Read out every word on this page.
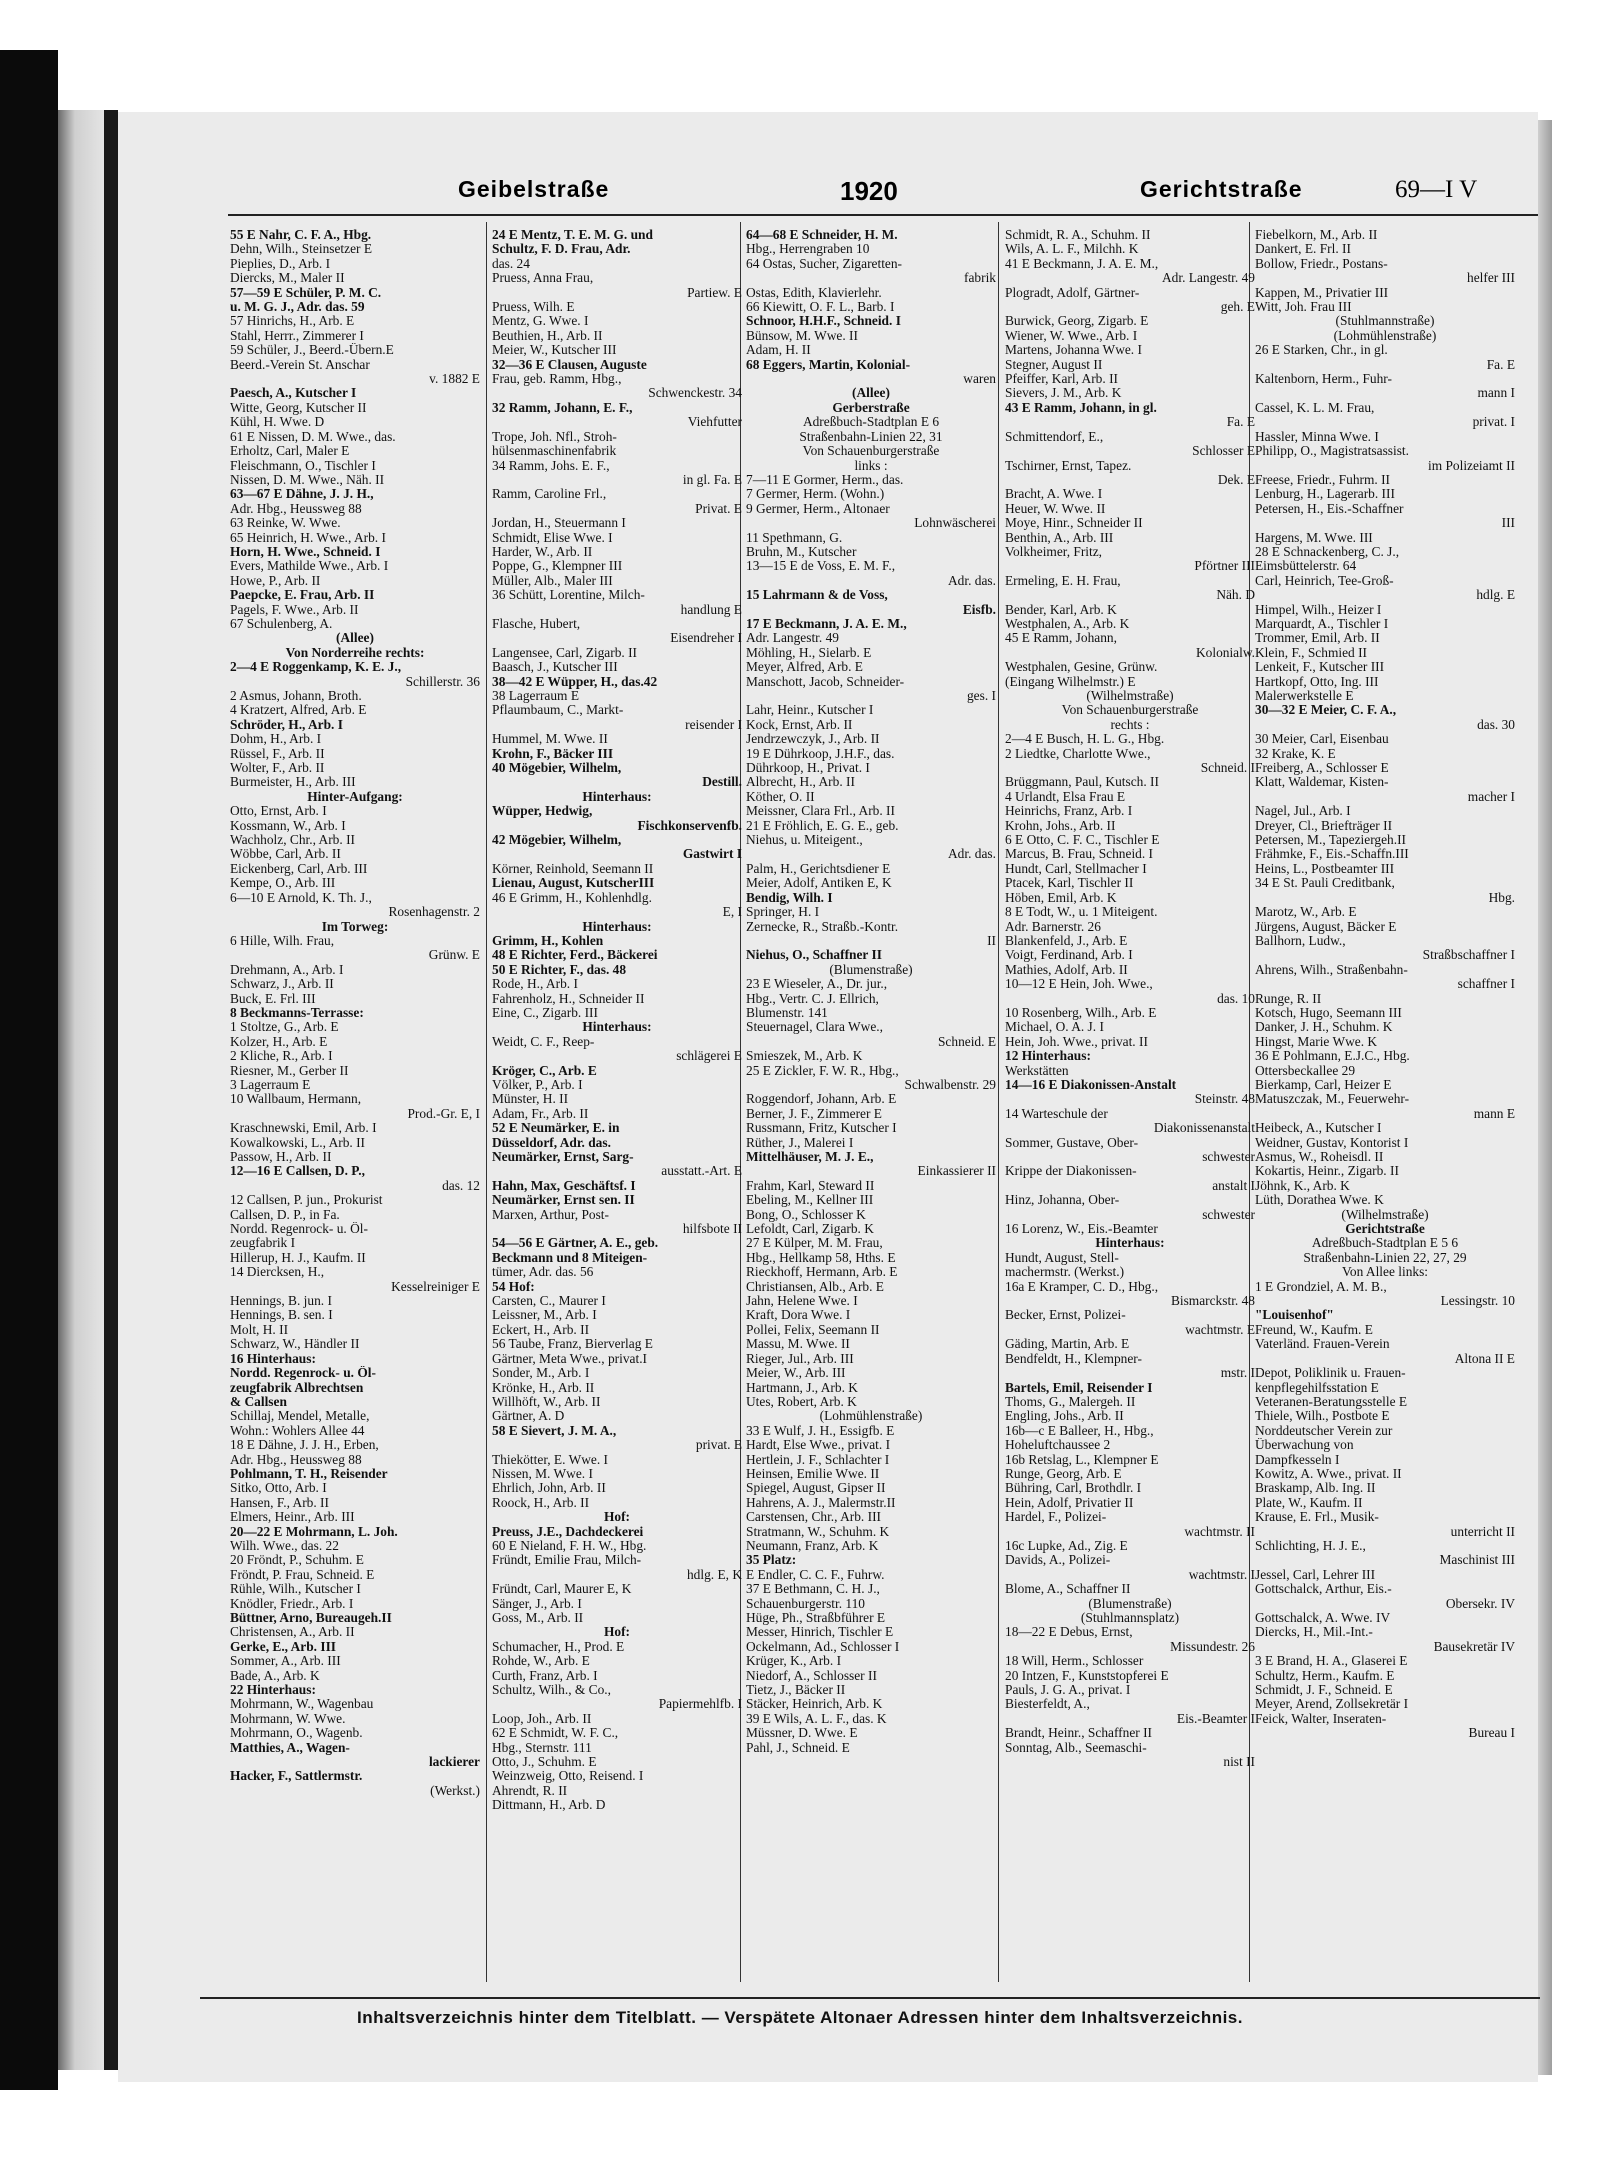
Geibelstraße	1920	Gerichtstraße	69—I V
55 E Nahr, C. F. A., Hbg.
Dehn, Wilh., Steinsetzer E
Pieplies, D., Arb. I
Diercks, M., Maler II
57—59 E Schüler, P. M. C.
u. M. G. J., Adr. das. 59
57 Hinrichs, H., Arb. E
Stahl, Herrr., Zimmerer I
59 Schüler, J., Beerd.-Übern.E
Beerd.-Verein St. Anschar
v. 1882 E
Paesch, A., Kutscher I
Witte, Georg, Kutscher II
Kühl, H. Wwe. D
61 E Nissen, D. M. Wwe., das.
Erholtz, Carl, Maler E
Fleischmann, O., Tischler I
Nissen, D. M. Wwe., Näh. II
63—67 E Dähne, J. J. H.,
Adr. Hbg., Heussweg 88
63 Reinke, W. Wwe.
65 Heinrich, H. Wwe., Arb. I
Horn, H. Wwe., Schneid. I
Evers, Mathilde Wwe., Arb. I
Howe, P., Arb. II
Paepcke, E. Frau, Arb. II
Pagels, F. Wwe., Arb. II
67 Schulenberg, A.
(Allee)
Von Norderreihe rechts:
2—4 E Roggenkamp, K. E. J.,
Schillerstr. 36
2 Asmus, Johann, Broth.
4 Kratzert, Alfred, Arb. E
Schröder, H., Arb. I
Dohm, H., Arb. I
Rüssel, F., Arb. II
Wolter, F., Arb. II
Burmeister, H., Arb. III
Hinter-Aufgang:
Otto, Ernst, Arb. I
Kossmann, W., Arb. I
Wachholz, Chr., Arb. II
Wöbbe, Carl, Arb. II
Eickenberg, Carl, Arb. III
Kempe, O., Arb. III
6—10 E Arnold, K. Th. J.,
Rosenhagenstr. 2
Im Torweg:
6 Hille, Wilh. Frau,
Grünw. E
Drehmann, A., Arb. I
Schwarz, J., Arb. II
Buck, E. Frl. III
8 Beckmanns-Terrasse:
1 Stoltze, G., Arb. E
Kolzer, H., Arb. E
2 Kliche, R., Arb. I
Riesner, M., Gerber II
3 Lagerraum E
10 Wallbaum, Hermann,
Prod.-Gr. E, I
Kraschnewski, Emil, Arb. I
Kowalkowski, L., Arb. II
Passow, H., Arb. II
12—16 E Callsen, D. P.,
das. 12
12 Callsen, P. jun., Prokurist
Callsen, D. P., in Fa.
Nordd. Regenrock- u. Öl-
zeugfabrik I
Hillerup, H. J., Kaufm. II
14 Diercksen, H.,
Kesselreiniger E
Hennings, B. jun. I
Hennings, B. sen. I
Molt, H. II
Schwarz, W., Händler II
16 Hinterhaus:
Nordd. Regenrock- u. Öl-
zeugfabrik Albrechtsen
& Callsen
Schillaj, Mendel, Metalle,
Wohn.: Wohlers Allee 44
18 E Dähne, J. J. H., Erben,
Adr. Hbg., Heussweg 88
Pohlmann, T. H., Reisender
Sitko, Otto, Arb. I
Hansen, F., Arb. II
Elmers, Heinr., Arb. III
20—22 E Mohrmann, L. Joh.
Wilh. Wwe., das. 22
20 Fröndt, P., Schuhm. E
Fröndt, P. Frau, Schneid. E
Rühle, Wilh., Kutscher I
Knödler, Friedr., Arb. I
Büttner, Arno, Bureaugeh.II
Christensen, A., Arb. II
Gerke, E., Arb. III
Sommer, A., Arb. III
Bade, A., Arb. K
22 Hinterhaus:
Mohrmann, W., Wagenbau
Mohrmann, W. Wwe.
Mohrmann, O., Wagenb.
Matthies, A., Wagen-
lackierer
Hacker, F., Sattlermstr.
(Werkst.)
24 E Mentz, T. E. M. G. und
Schultz, F. D. Frau, Adr.
das. 24
Pruess, Anna Frau,
Partiew. E
Pruess, Wilh. E
Mentz, G. Wwe. I
Beuthien, H., Arb. II
Meier, W., Kutscher III
32—36 E Clausen, Auguste
Frau, geb. Ramm, Hbg.,
Schwenckestr. 34
32 Ramm, Johann, E. F.,
Viehfutter
Trope, Joh. Nfl., Stroh-
hülsenmaschinenfabrik
34 Ramm, Johs. E. F.,
in gl. Fa. E
Ramm, Caroline Frl.,
Privat. E
Jordan, H., Steuermann I
Schmidt, Elise Wwe. I
Harder, W., Arb. II
Poppe, G., Klempner III
Müller, Alb., Maler III
36 Schütt, Lorentine, Milch-
handlung E
Flasche, Hubert,
Eisendreher I
Langensee, Carl, Zigarb. II
Baasch, J., Kutscher III
38—42 E Wüpper, H., das.42
38 Lagerraum E
Pflaumbaum, C., Markt-
reisender I
Hummel, M. Wwe. II
Krohn, F., Bäcker III
40 Mögebier, Wilhelm,
Destill.
Hinterhaus:
Wüpper, Hedwig,
Fischkonservenfb.
42 Mögebier, Wilhelm,
Gastwirt I
Körner, Reinhold, Seemann II
Lienau, August, KutscherIII
46 E Grimm, H., Kohlenhdlg.
E, I
Hinterhaus:
Grimm, H., Kohlen
48 E Richter, Ferd., Bäckerei
50 E Richter, F., das. 48
Rode, H., Arb. I
Fahrenholz, H., Schneider II
Eine, C., Zigarb. III
Hinterhaus:
Weidt, C. F., Reep-
schlägerei E
Kröger, C., Arb. E
Völker, P., Arb. I
Münster, H. II
Adam, Fr., Arb. II
52 E Neumärker, E. in
Düsseldorf, Adr. das.
Neumärker, Ernst, Sarg-
ausstatt.-Art. E
Hahn, Max, Geschäftsf. I
Neumärker, Ernst sen. II
Marxen, Arthur, Post-
hilfsbote II
54—56 E Gärtner, A. E., geb.
Beckmann und 8 Miteigen-
tümer, Adr. das. 56
54 Hof:
Carsten, C., Maurer I
Leissner, M., Arb. I
Eckert, H., Arb. II
56 Taube, Franz, Bierverlag E
Gärtner, Meta Wwe., privat.I
Sonder, M., Arb. I
Krönke, H., Arb. II
Willhöft, W., Arb. II
Gärtner, A. D
58 E Sievert, J. M. A.,
privat. E
Thiekötter, E. Wwe. I
Nissen, M. Wwe. I
Ehrlich, John, Arb. II
Roock, H., Arb. II
Hof:
Preuss, J.E., Dachdeckerei
60 E Nieland, F. H. W., Hbg.
Fründt, Emilie Frau, Milch-
hdlg. E, K
Fründt, Carl, Maurer E, K
Sänger, J., Arb. I
Goss, M., Arb. II
Hof:
Schumacher, H., Prod. E
Rohde, W., Arb. E
Curth, Franz, Arb. I
Schultz, Wilh., & Co.,
Papiermehlfb. I
Loop, Joh., Arb. II
62 E Schmidt, W. F. C.,
Hbg., Sternstr. 111
Otto, J., Schuhm. E
Weinzweig, Otto, Reisend. I
Ahrendt, R. II
Dittmann, H., Arb. D
64—68 E Schneider, H. M.
Hbg., Herrengraben 10
64 Ostas, Sucher, Zigaretten-
fabrik
Ostas, Edith, Klavierlehr.
66 Kiewitt, O. F. L., Barb. I
Schnoor, H.H.F., Schneid. I
Bünsow, M. Wwe. II
Adam, H. II
68 Eggers, Martin, Kolonial-
waren
(Allee)
Gerberstraße
Adreßbuch-Stadtplan E 6
Straßenbahn-Linien 22, 31
Von Schauenburgerstraße
links :
7—11 E Gormer, Herm., das.
7 Germer, Herm. (Wohn.)
9 Germer, Herm., Altonaer
Lohnwäscherei
11 Spethmann, G.
Bruhn, M., Kutscher
13—15 E de Voss, E. M. F.,
Adr. das.
15 Lahrmann & de Voss,
Eisfb.
17 E Beckmann, J. A. E. M.,
Adr. Langestr. 49
Möhling, H., Sielarb. E
Meyer, Alfred, Arb. E
Manschott, Jacob, Schneider-
ges. I
Lahr, Heinr., Kutscher I
Kock, Ernst, Arb. II
Jendrzewczyk, J., Arb. II
19 E Dührkoop, J.H.F., das.
Dührkoop, H., Privat. I
Albrecht, H., Arb. II
Köther, O. II
Meissner, Clara Frl., Arb. II
21 E Fröhlich, E. G. E., geb.
Niehus, u. Miteigent.,
Adr. das.
Palm, H., Gerichtsdiener E
Meier, Adolf, Antiken E, K
Bendig, Wilh. I
Springer, H. I
Zernecke, R., Straßb.-Kontr.
II
Niehus, O., Schaffner II
(Blumenstraße)
23 E Wieseler, A., Dr. jur.,
Hbg., Vertr. C. J. Ellrich,
Blumenstr. 141
Steuernagel, Clara Wwe.,
Schneid. E
Smieszek, M., Arb. K
25 E Zickler, F. W. R., Hbg.,
Schwalbenstr. 29
Roggendorf, Johann, Arb. E
Berner, J. F., Zimmerer E
Russmann, Fritz, Kutscher I
Rüther, J., Malerei I
Mittelhäuser, M. J. E.,
Einkassierer II
Frahm, Karl, Steward II
Ebeling, M., Kellner III
Bong, O., Schlosser K
Lefoldt, Carl, Zigarb. K
27 E Külper, M. M. Frau,
Hbg., Hellkamp 58, Hths. E
Rieckhoff, Hermann, Arb. E
Christiansen, Alb., Arb. E
Jahn, Helene Wwe. I
Kraft, Dora Wwe. I
Pollei, Felix, Seemann II
Massu, M. Wwe. II
Rieger, Jul., Arb. III
Meier, W., Arb. III
Hartmann, J., Arb. K
Utes, Robert, Arb. K
(Lohmühlenstraße)
33 E Wulf, J. H., Essigfb. E
Hardt, Else Wwe., privat. I
Hertlein, J. F., Schlachter I
Heinsen, Emilie Wwe. II
Spiegel, August, Gipser II
Hahrens, A. J., Malermstr.II
Carstensen, Chr., Arb. III
Stratmann, W., Schuhm. K
Neumann, Franz, Arb. K
35 Platz:
E Endler, C. C. F., Fuhrw.
37 E Bethmann, C. H. J.,
Schauenburgerstr. 110
Hüge, Ph., Straßbführer E
Messer, Hinrich, Tischler E
Ockelmann, Ad., Schlosser I
Krüger, K., Arb. I
Niedorf, A., Schlosser II
Tietz, J., Bäcker II
Stäcker, Heinrich, Arb. K
39 E Wils, A. L. F., das. K
Müssner, D. Wwe. E
Pahl, J., Schneid. E
Schmidt, R. A., Schuhm. II
Wils, A. L. F., Milchh. K
41 E Beckmann, J. A. E. M.,
Adr. Langestr. 49
Plogradt, Adolf, Gärtner-
geh. E
Burwick, Georg, Zigarb. E
Wiener, W. Wwe., Arb. I
Martens, Johanna Wwe. I
Stegner, August II
Pfeiffer, Karl, Arb. II
Sievers, J. M., Arb. K
43 E Ramm, Johann, in gl.
Fa. E
Schmittendorf, E.,
Schlosser E
Tschirner, Ernst, Tapez.
Dek. E
Bracht, A. Wwe. I
Heuer, W. Wwe. II
Moye, Hinr., Schneider II
Benthin, A., Arb. III
Volkheimer, Fritz,
Pförtner III
Ermeling, E. H. Frau,
Näh. D
Bender, Karl, Arb. K
Westphalen, A., Arb. K
45 E Ramm, Johann,
Kolonialw.
Westphalen, Gesine, Grünw.
(Eingang Wilhelmstr.) E
(Wilhelmstraße)
Von Schauenburgerstraße
rechts :
2—4 E Busch, H. L. G., Hbg.
2 Liedtke, Charlotte Wwe.,
Schneid. I
Brüggmann, Paul, Kutsch. II
4 Urlandt, Elsa Frau E
Heinrichs, Franz, Arb. I
Krohn, Johs., Arb. II
6 E Otto, C. F. C., Tischler E
Marcus, B. Frau, Schneid. I
Hundt, Carl, Stellmacher I
Ptacek, Karl, Tischler II
Höben, Emil, Arb. K
8 E Todt, W., u. 1 Miteigent.
Adr. Barnerstr. 26
Blankenfeld, J., Arb. E
Voigt, Ferdinand, Arb. I
Mathies, Adolf, Arb. II
10—12 E Hein, Joh. Wwe.,
das. 10
10 Rosenberg, Wilh., Arb. E
Michael, O. A. J. I
Hein, Joh. Wwe., privat. II
12 Hinterhaus:
Werkstätten
14—16 E Diakonissen-Anstalt
Steinstr. 48
14 Warteschule der
Diakonissenanstalt
Sommer, Gustave, Ober-
schwester
Krippe der Diakonissen-
anstalt I
Hinz, Johanna, Ober-
schwester
16 Lorenz, W., Eis.-Beamter
Hinterhaus:
Hundt, August, Stell-
machermstr. (Werkst.)
16a E Kramper, C. D., Hbg.,
Bismarckstr. 48
Becker, Ernst, Polizei-
wachtmstr. E
Gäding, Martin, Arb. E
Bendfeldt, H., Klempner-
mstr. I
Bartels, Emil, Reisender I
Thoms, G., Malergeh. II
Engling, Johs., Arb. II
16b—c E Balleer, H., Hbg.,
Hoheluftchaussee 2
16b Retslag, L., Klempner E
Runge, Georg, Arb. E
Bühring, Carl, Brothdlr. I
Hein, Adolf, Privatier II
Hardel, F., Polizei-
wachtmstr. II
16c Lupke, Ad., Zig. E
Davids, A., Polizei-
wachtmstr. I
Blome, A., Schaffner II
(Blumenstraße)
(Stuhlmannsplatz)
18—22 E Debus, Ernst,
Missundestr. 26
18 Will, Herm., Schlosser
20 Intzen, F., Kunststopferei E
Pauls, J. G. A., privat. I
Biesterfeldt, A.,
Eis.-Beamter I
Brandt, Heinr., Schaffner II
Sonntag, Alb., Seemaschi-
nist II
Fiebelkorn, M., Arb. II
Dankert, E. Frl. II
Bollow, Friedr., Postans-
helfer III
Kappen, M., Privatier III
Witt, Joh. Frau III
(Stuhlmannstraße)
(Lohmühlenstraße)
26 E Starken, Chr., in gl.
Fa. E
Kaltenborn, Herm., Fuhr-
mann I
Cassel, K. L. M. Frau,
privat. I
Hassler, Minna Wwe. I
Philipp, O., Magistratsassist.
im Polizeiamt II
Freese, Friedr., Fuhrm. II
Lenburg, H., Lagerarb. III
Petersen, H., Eis.-Schaffner
III
Hargens, M. Wwe. III
28 E Schnackenberg, C. J.,
Eimsbüttelerstr. 64
Carl, Heinrich, Tee-Groß-
hdlg. E
Himpel, Wilh., Heizer I
Marquardt, A., Tischler I
Trommer, Emil, Arb. II
Klein, F., Schmied II
Lenkeit, F., Kutscher III
Hartkopf, Otto, Ing. III
Malerwerkstelle E
30—32 E Meier, C. F. A.,
das. 30
30 Meier, Carl, Eisenbau
32 Krake, K. E
Freiberg, A., Schlosser E
Klatt, Waldemar, Kisten-
macher I
Nagel, Jul., Arb. I
Dreyer, Cl., Briefträger II
Petersen, M., Tapeziergeh.II
Frähmke, F., Eis.-Schaffn.III
Heins, L., Postbeamter III
34 E St. Pauli Creditbank,
Hbg.
Marotz, W., Arb. E
Jürgens, August, Bäcker E
Ballhorn, Ludw.,
Straßbschaffner I
Ahrens, Wilh., Straßenbahn-
schaffner I
Runge, R. II
Kotsch, Hugo, Seemann III
Danker, J. H., Schuhm. K
Hingst, Marie Wwe. K
36 E Pohlmann, E.J.C., Hbg.
Ottersbeckallee 29
Bierkamp, Carl, Heizer E
Matuszczak, M., Feuerwehr-
mann E
Heibeck, A., Kutscher I
Weidner, Gustav, Kontorist I
Asmus, W., Roheisdl. II
Kokartis, Heinr., Zigarb. II
Jöhnk, K., Arb. K
Lüth, Dorathea Wwe. K
(Wilhelmstraße)
Gerichtstraße
Adreßbuch-Stadtplan E 5 6
Straßenbahn-Linien 22, 27, 29
Von Allee links:
1 E Grondziel, A. M. B.,
Lessingstr. 10
"Louisenhof"
Freund, W., Kaufm. E
Vaterländ. Frauen-Verein
Altona II E
Depot, Poliklinik u. Frauen-
kenpflegehilfsstation E
Veteranen-Beratungsstelle E
Thiele, Wilh., Postbote E
Norddeutscher Verein zur
Überwachung von
Dampfkesseln I
Kowitz, A. Wwe., privat. II
Braskamp, Alb. Ing. II
Plate, W., Kaufm. II
Krause, E. Frl., Musik-
unterricht II
Schlichting, H. J. E.,
Maschinist III
Jessel, Carl, Lehrer III
Gottschalck, Arthur, Eis.-
Obersekr. IV
Gottschalck, A. Wwe. IV
Diercks, H., Mil.-Int.-
Bausekretär IV
3 E Brand, H. A., Glaserei E
Schultz, Herm., Kaufm. E
Schmidt, J. F., Schneid. E
Meyer, Arend, Zollsekretär I
Feick, Walter, Inseraten-
Bureau I
Inhaltsverzeichnis hinter dem Titelblatt. — Verspätete Altonaer Adressen hinter dem Inhaltsverzeichnis.
